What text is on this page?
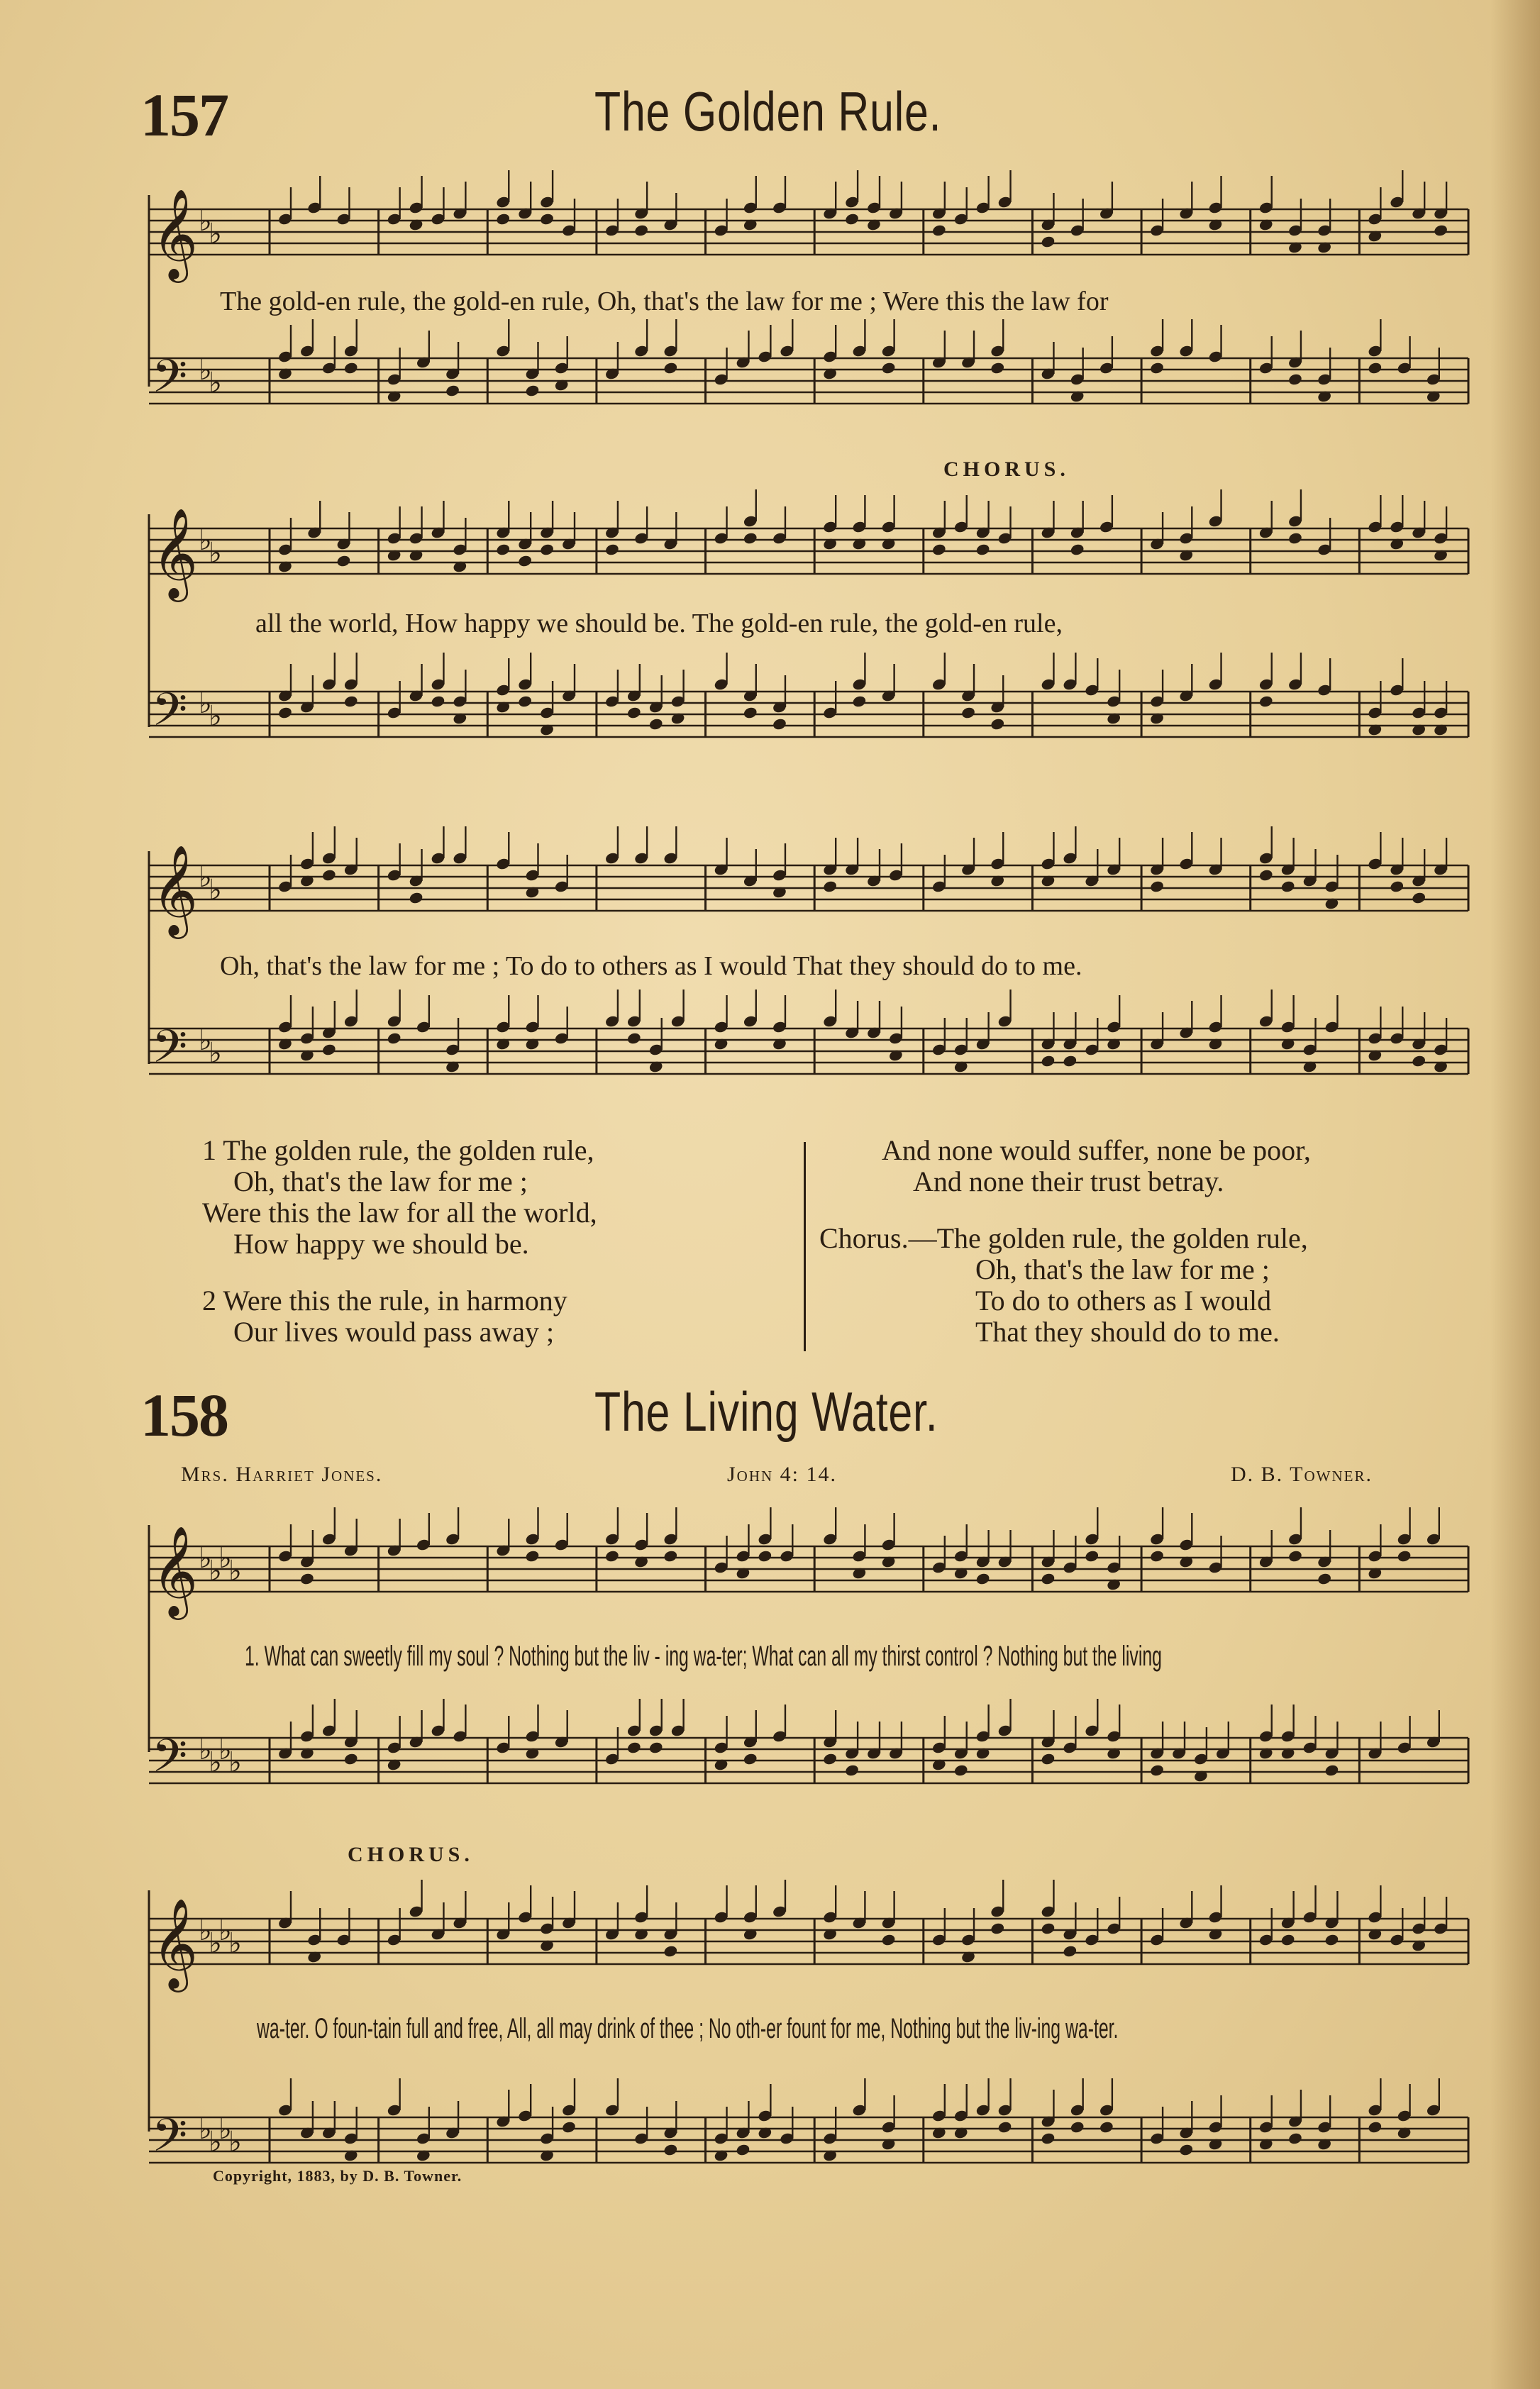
157	The Golden Rule.
𝄞 ♭
♭
𝄢 ♭
♭
The gold-en rule, the gold-en rule, Oh, that's the law for me ; Were this the law for
CHORUS.
𝄞 ♭
♭
𝄢 ♭
♭
all the world, How happy we should be. The gold-en rule, the gold-en rule,
𝄞 ♭
♭
𝄢 ♭
♭
Oh, that's the law for me ; To do to others as I would That they should do to me.
1 The golden rule, the golden rule,
Oh, that's the law for me ;
Were this the law for all the world,
How happy we should be.
2 Were this the rule, in harmony
Our lives would pass away ;
And none would suffer, none be poor,
And none their trust betray.
Chorus.—The golden rule, the golden rule,
Oh, that's the law for me ;
To do to others as I would
That they should do to me.
158	The Living Water.
Mrs. Harriet Jones.	John 4: 14.	D. B. Towner.
𝄞 ♭
♭
♭
♭
𝄢 ♭
♭
♭
♭
1. What can sweetly fill my soul ? Nothing but the liv - ing wa-ter; What can all my thirst control ? Nothing but the living
CHORUS.
𝄞 ♭
♭
♭
♭
𝄢 ♭
♭
♭
♭
wa-ter. O foun-tain full and free, All, all may drink of thee ; No oth-er fount for me, Nothing but the liv-ing wa-ter.
Copyright, 1883, by D. B. Towner.
